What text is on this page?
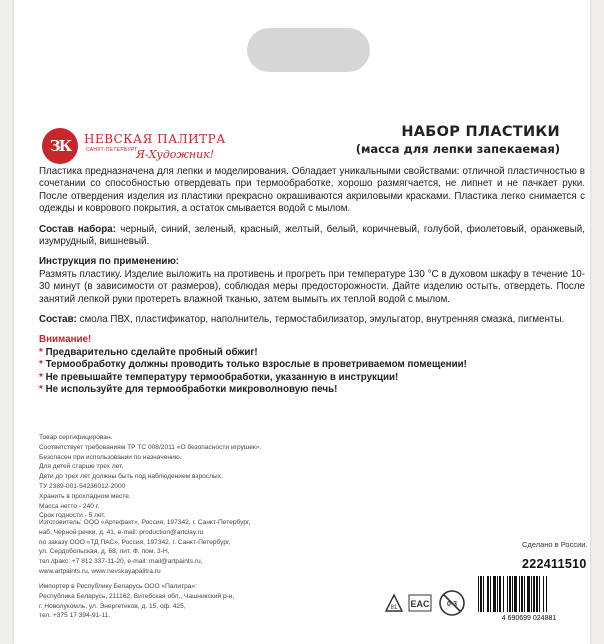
ЗК	НЕВСКАЯ ПАЛИТРА
САНКТ-ПЕТЕРБУРГ
Я-Художник!
НАБОР ПЛАСТИКИ
(масса для лепки запекаемая)

Пластика предназначена для лепки и моделирования. Обладает уникальными свойствами: отличной пластичностью в сочетании со способностью отвердевать при термообработке, хорошо размягчается, не липнет и не пачкает руки. После отвердения изделия из пластики прекрасно окрашиваются акриловыми красками. Пластика легко снимается с одежды и коврового покрытия, а остаток смывается водой с мылом.

Состав набора: черный, синий, зеленый, красный, желтый, белый, коричневый, голубой, фиолетовый, оранжевый, изумрудный, вишневый.

Инструкция по применению:
Размять пластику. Изделие выложить на противень и прогреть при температуре 130 °С в духовом шкафу в течение 10-30 минут (в зависимости от размеров), соблюдая меры предосторожности. Дайте изделию остыть, отвердеть. После занятий лепкой руки протереть влажной тканью, затем вымыть их теплой водой с мылом.

Состав: смола ПВХ, пластификатор, наполнитель, термостабилизатор, эмульгатор, внутренняя смазка, пигменты.

Внимание!
* Предварительно сделайте пробный обжиг!
* Термообработку должны проводить только взрослые в проветриваемом помещении!
* Не превышайте температуру термообработки, указанную в инструкции!
* Не используйте для термообработки микроволновую печь!
Товар сертифицирован.
Соответствует требованиям ТР ТС 008/2011 «О безопасности игрушек».
Безопасен при использовании по назначению.
Для детей старше трех лет.
Дети до трех лет должны быть под наблюдением взрослых.
ТУ 2389-001-54236012-2000
Хранить в прохладном месте.
Масса нетто - 240 г.
Срок годности - 5 лет.
Изготовитель: ООО «Артефакт», Россия, 197342, г. Санкт-Петербург,
наб. Черной речки, д. 41, e-mail: production@artclay.ru
по заказу ООО «ТД ПАС», Россия, 197342, г. Санкт-Петербург,
ул. Сердобольская, д. 68, лит. Ф, пом. 3-Н,
тел./факс: +7 812 337-11-20, e-mail: mail@artpaints.ru,
www.artpaints.ru, www.nevskayapalitra.ru
Импортер в Республику Беларусь ООО «Палитра»:
Республика Беларусь, 211162, Витебская обл., Чашникский р-н,
г. Новолукомль, ул. Энергетиков, д. 15, оф. 425,
тел. +375 17 394-91-11.
Сделано в России.
222411510
81 EAC 0-3
4 690699 024881
